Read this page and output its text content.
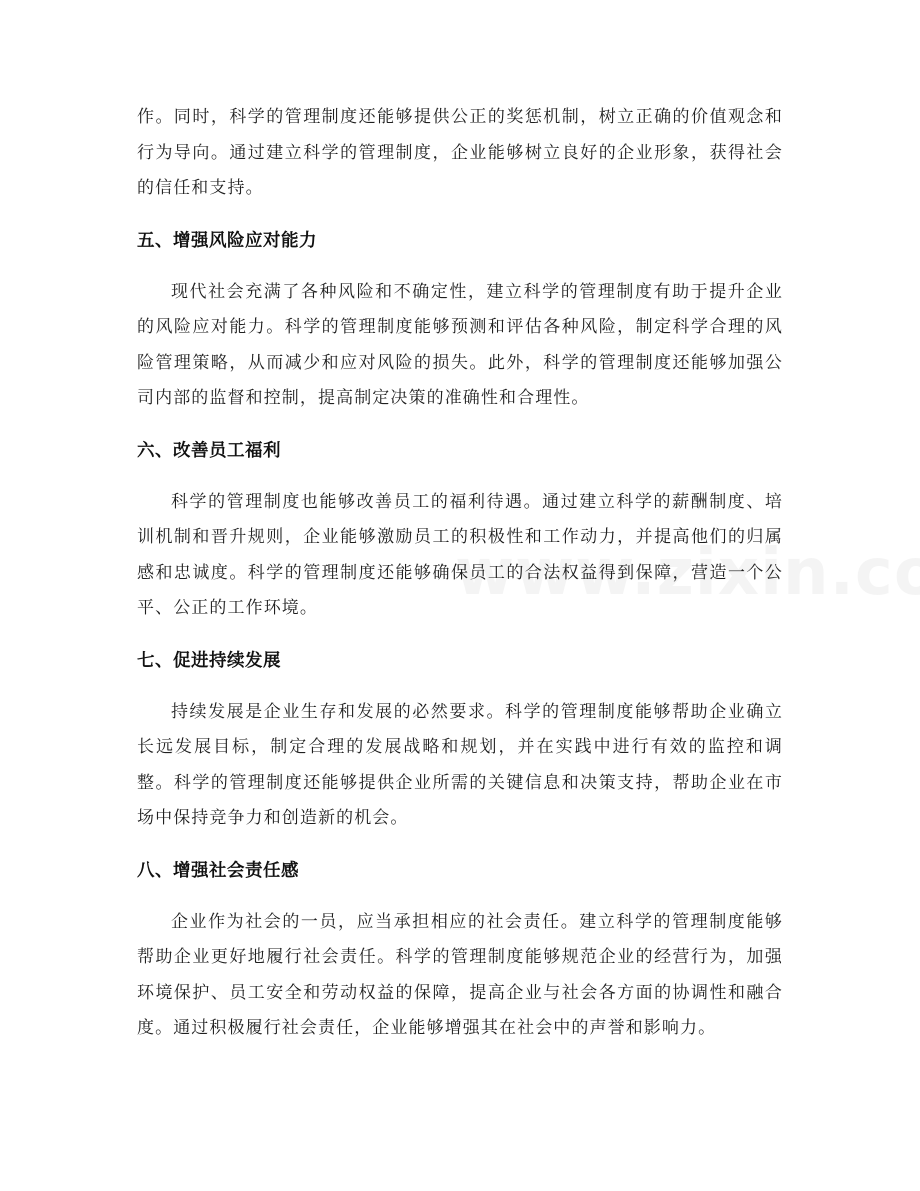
作。同时，科学的管理制度还能够提供公正的奖惩机制，树立正确的价值观念和行为导向。通过建立科学的管理制度，企业能够树立良好的企业形象，获得社会的信任和支持。

五、增强风险应对能力

现代社会充满了各种风险和不确定性，建立科学的管理制度有助于提升企业的风险应对能力。科学的管理制度能够预测和评估各种风险，制定科学合理的风险管理策略，从而减少和应对风险的损失。此外，科学的管理制度还能够加强公司内部的监督和控制，提高制定决策的准确性和合理性。

六、改善员工福利

科学的管理制度也能够改善员工的福利待遇。通过建立科学的薪酬制度、培训机制和晋升规则，企业能够激励员工的积极性和工作动力，并提高他们的归属感和忠诚度。科学的管理制度还能够确保员工的合法权益得到保障，营造一个公平、公正的工作环境。

七、促进持续发展

持续发展是企业生存和发展的必然要求。科学的管理制度能够帮助企业确立长远发展目标，制定合理的发展战略和规划，并在实践中进行有效的监控和调整。科学的管理制度还能够提供企业所需的关键信息和决策支持，帮助企业在市场中保持竞争力和创造新的机会。

八、增强社会责任感

企业作为社会的一员，应当承担相应的社会责任。建立科学的管理制度能够帮助企业更好地履行社会责任。科学的管理制度能够规范企业的经营行为，加强环境保护、员工安全和劳动权益的保障，提高企业与社会各方面的协调性和融合度。通过积极履行社会责任，企业能够增强其在社会中的声誉和影响力。
